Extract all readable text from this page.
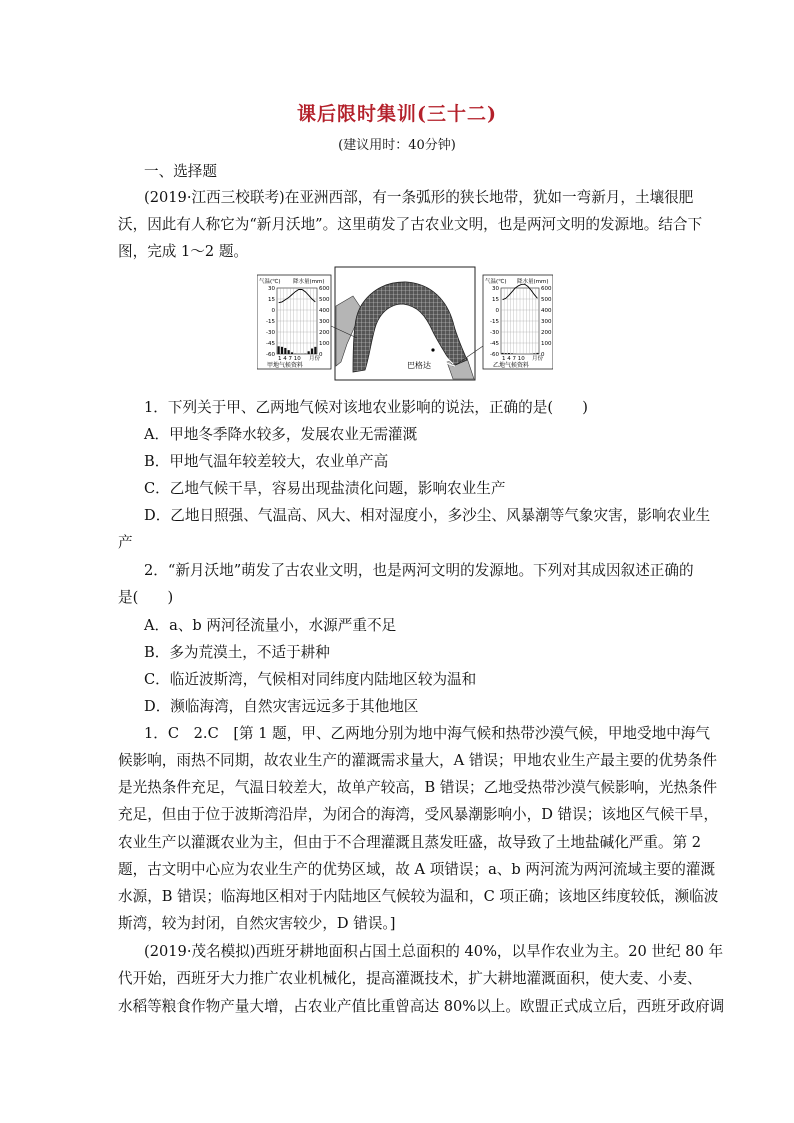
课后限时集训(三十二)
(建议用时：40分钟)
一、选择题
(2019·江西三校联考)在亚洲西部，有一条弧形的狭长地带，犹如一弯新月，土壤很肥
沃，因此有人称它为“新月沃地”。这里萌发了古农业文明，也是两河文明的发源地。结合下
图，完成 1～2 题。
a
b
巴格达
气温(℃) 降水量(mm)
30
15
0
-15
-30
-45
-60
600
500
400
300
200
100
0
1 4 7 10 月份
甲地气候资料
气温(℃) 降水量(mm)
30
15
0
-15
-30
-45
-60
600
500
400
300
200
100
0
1 4 7 10 月份
乙地气候资料
1．下列关于甲、乙两地气候对该地农业影响的说法，正确的是(　　)
A．甲地冬季降水较多，发展农业无需灌溉
B．甲地气温年较差较大，农业单产高
C．乙地气候干旱，容易出现盐渍化问题，影响农业生产
D．乙地日照强、气温高、风大、相对湿度小，多沙尘、风暴潮等气象灾害，影响农业生
产
2．“新月沃地”萌发了古农业文明，也是两河文明的发源地。下列对其成因叙述正确的
是(　　)
A．a、b 两河径流量小，水源严重不足
B．多为荒漠土，不适于耕种
C．临近波斯湾，气候相对同纬度内陆地区较为温和
D．濒临海湾，自然灾害远远多于其他地区
1．C　2.C　[第 1 题，甲、乙两地分别为地中海气候和热带沙漠气候，甲地受地中海气
候影响，雨热不同期，故农业生产的灌溉需求量大，A 错误；甲地农业生产最主要的优势条件
是光热条件充足，气温日较差大，故单产较高，B 错误；乙地受热带沙漠气候影响，光热条件
充足，但由于位于波斯湾沿岸，为闭合的海湾，受风暴潮影响小，D 错误；该地区气候干旱，
农业生产以灌溉农业为主，但由于不合理灌溉且蒸发旺盛，故导致了土地盐碱化严重。第 2
题，古文明中心应为农业生产的优势区域，故 A 项错误；a、b 两河流为两河流域主要的灌溉
水源，B 错误；临海地区相对于内陆地区气候较为温和，C 项正确；该地区纬度较低，濒临波
斯湾，较为封闭，自然灾害较少，D 错误。]
(2019·茂名模拟)西班牙耕地面积占国土总面积的 40%，以旱作农业为主。20 世纪 80 年
代开始，西班牙大力推广农业机械化，提高灌溉技术，扩大耕地灌溉面积，使大麦、小麦、
水稻等粮食作物产量大增，占农业产值比重曾高达 80%以上。欧盟正式成立后，西班牙政府调
